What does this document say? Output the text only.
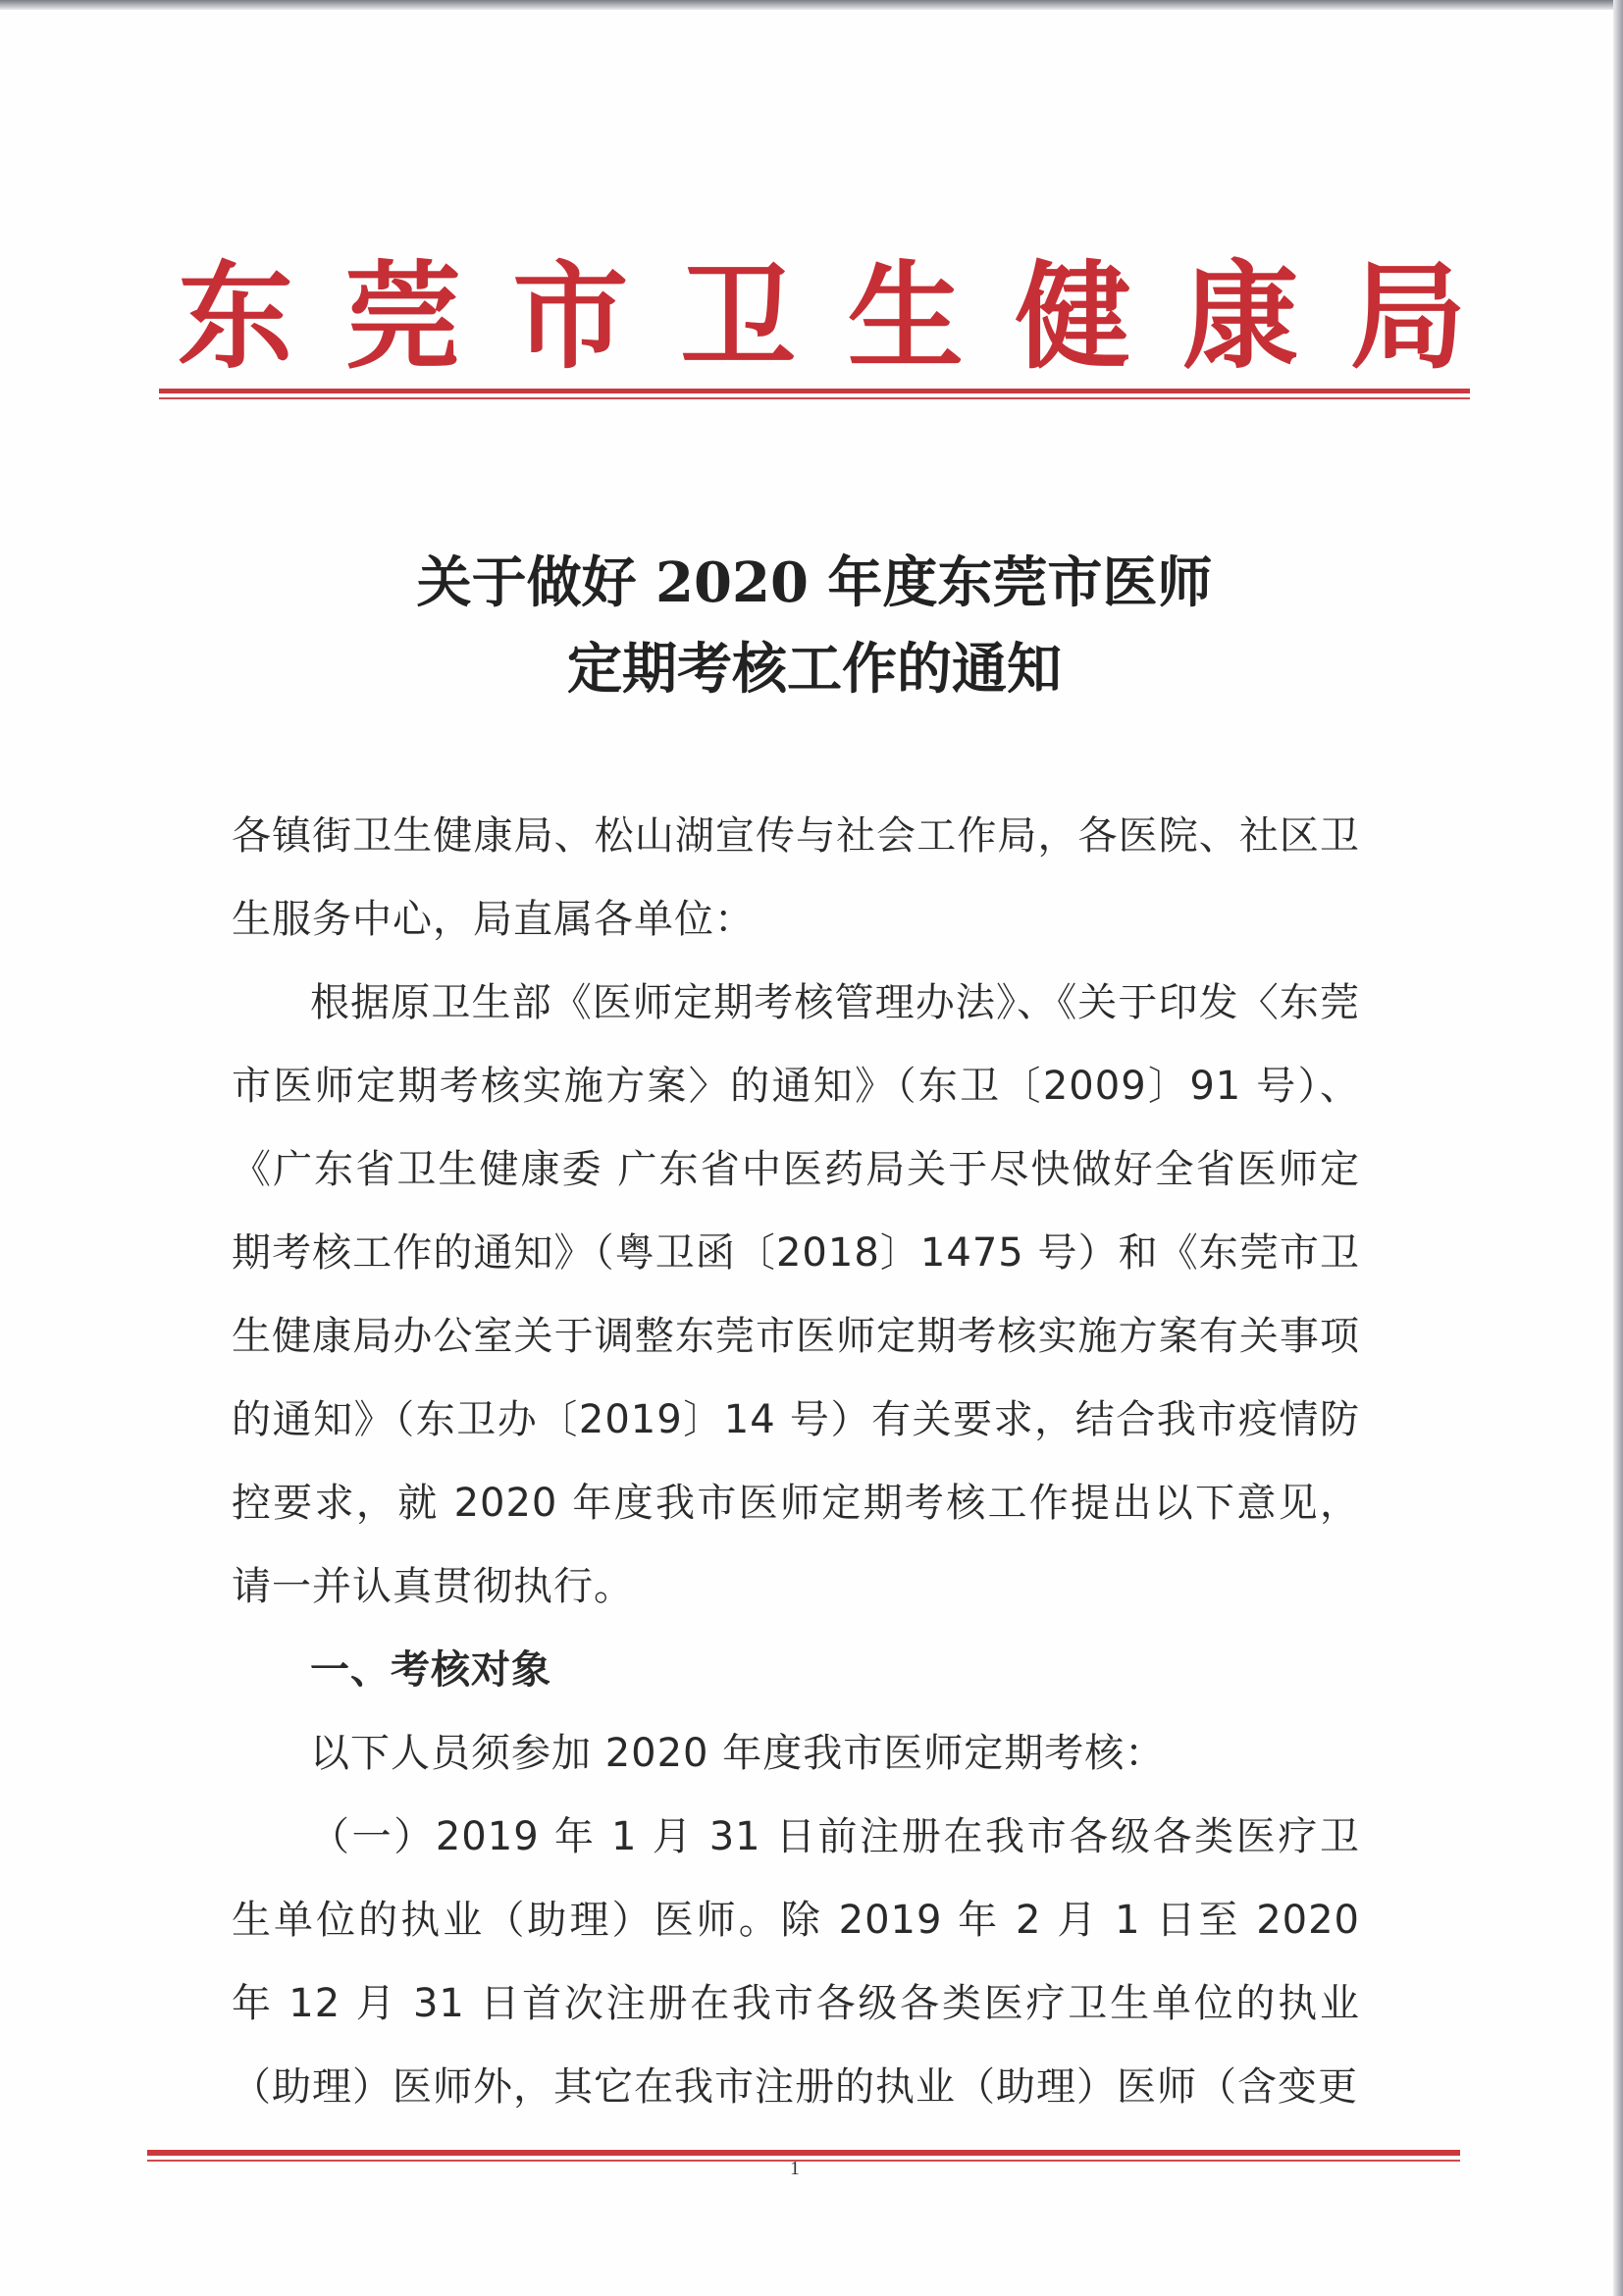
东 莞 市 卫 生 健 康 局
关于做好 2020 年度东莞市医师
定期考核工作的通知

各镇街卫生健康局、松山湖宣传与社会工作局，各医院、社区卫生服务中心，局直属各单位：

根据原卫生部《医师定期考核管理办法》、《关于印发〈东莞市医师定期考核实施方案〉的通知》（东卫〔2009〕91 号）、《广东省卫生健康委 广东省中医药局关于尽快做好全省医师定期考核工作的通知》（粤卫函〔2018〕1475 号）和《东莞市卫生健康局办公室关于调整东莞市医师定期考核实施方案有关事项的通知》（东卫办〔2019〕14 号）有关要求，结合我市疫情防控要求，就 2020 年度我市医师定期考核工作提出以下意见，请一并认真贯彻执行。

一、考核对象

以下人员须参加 2020 年度我市医师定期考核：

（一）2019 年 1 月 31 日前注册在我市各级各类医疗卫生单位的执业（助理）医师。除 2019 年 2 月 1 日至 2020 年 12 月 31 日首次注册在我市各级各类医疗卫生单位的执业（助理）医师外，其它在我市注册的执业（助理）医师（含变更

1
